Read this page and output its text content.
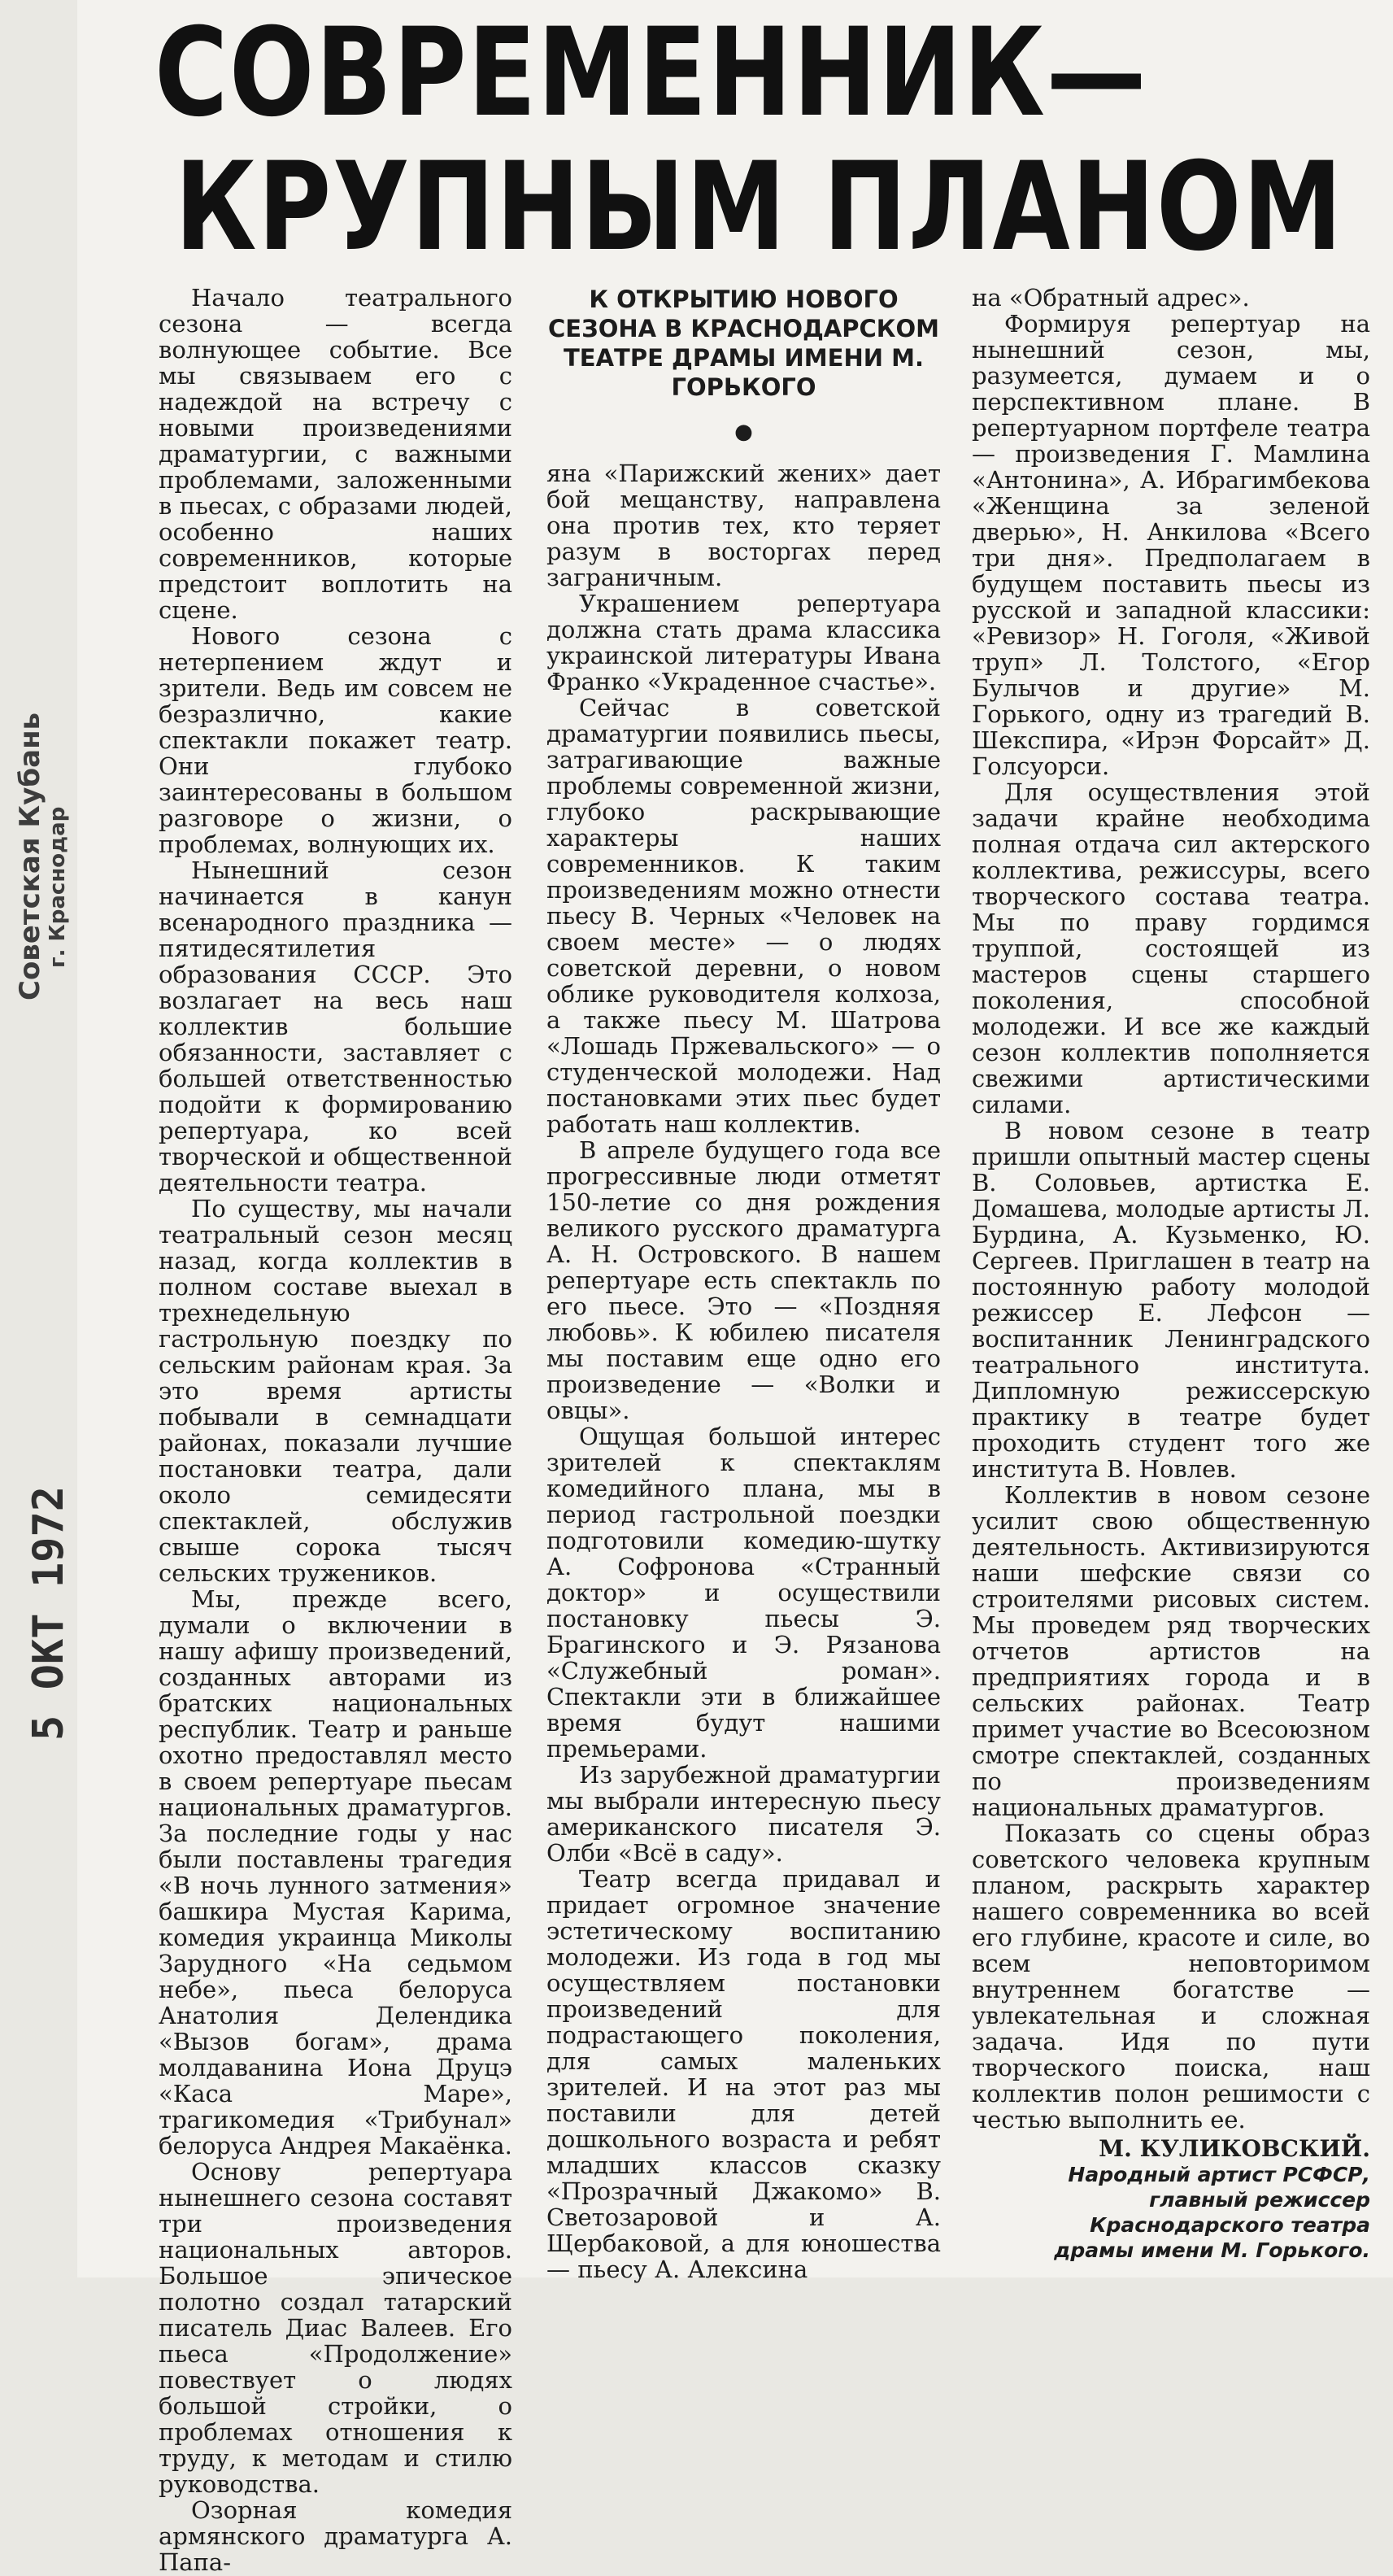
СОВРЕМЕННИК—
КРУПНЫМ ПЛАНОМ

Начало театрального сезона — всегда волнующее событие. Все мы связываем его с надеждой на встречу с новыми произведениями драматургии, с важными проблемами, заложенными в пьесах, с образами людей, особенно наших современников, которые предстоит воплотить на сцене.

Нового сезона с нетерпением ждут и зрители. Ведь им совсем не безразлично, какие спектакли покажет театр. Они глубоко заинтересованы в большом разговоре о жизни, о проблемах, волнующих их.

Нынешний сезон начинается в канун всенародного праздника — пятидесятилетия образования СССР. Это возлагает на весь наш коллектив большие обязанности, заставляет с большей ответственностью подойти к формированию репертуара, ко всей творческой и общественной деятельности театра.

По существу, мы начали театральный сезон месяц назад, когда коллектив в полном составе выехал в трехнедельную гастрольную поездку по сельским районам края. За это время артисты побывали в семнадцати районах, показали лучшие постановки театра, дали около семидесяти спектаклей, обслужив свыше сорока тысяч сельских тружеников.

Мы, прежде всего, думали о включении в нашу афишу произведений, созданных авторами из братских национальных республик. Театр и раньше охотно предоставлял место в своем репертуаре пьесам национальных драматургов. За последние годы у нас были поставлены трагедия «В ночь лунного затмения» башкира Мустая Карима, комедия украинца Миколы Зарудного «На седьмом небе», пьеса белоруса Анатолия Делендика «Вызов богам», драма молдаванина Иона Друцэ «Каса Маре», трагикомедия «Трибунал» белоруса Андрея Макаёнка.

Основу репертуара нынешнего сезона составят три произведения национальных авторов. Большое эпическое полотно создал татарский писатель Диас Валеев. Его пьеса «Продолжение» повествует о людях большой стройки, о проблемах отношения к труду, к методам и стилю руководства.

Озорная комедия армянского драматурга А. Папа-

К ОТКРЫТИЮ НОВОГО СЕЗОНА В КРАСНОДАРСКОМ ТЕАТРЕ ДРАМЫ ИМЕНИ М. ГОРЬКОГО
●

яна «Парижский жених» дает бой мещанству, направлена она против тех, кто теряет разум в восторгах перед заграничным.

Украшением репертуара должна стать драма классика украинской литературы Ивана Франко «Украденное счастье».

Сейчас в советской драматургии появились пьесы, затрагивающие важные проблемы современной жизни, глубоко раскрывающие характеры наших современников. К таким произведениям можно отнести пьесу В. Черных «Человек на своем месте» — о людях советской деревни, о новом облике руководителя колхоза, а также пьесу М. Шатрова «Лошадь Пржевальского» — о студенческой молодежи. Над постановками этих пьес будет работать наш коллектив.

В апреле будущего года все прогрессивные люди отметят 150-летие со дня рождения великого русского драматурга А. Н. Островского. В нашем репертуаре есть спектакль по его пьесе. Это — «Поздняя любовь». К юбилею писателя мы поставим еще одно его произведение — «Волки и овцы».

Ощущая большой интерес зрителей к спектаклям комедийного плана, мы в период гастрольной поездки подготовили комедию-шутку А. Софронова «Странный доктор» и осуществили постановку пьесы Э. Брагинского и Э. Рязанова «Служебный роман». Спектакли эти в ближайшее время будут нашими премьерами.

Из зарубежной драматургии мы выбрали интересную пьесу американского писателя Э. Олби «Всё в саду».

Театр всегда придавал и придает огромное значение эстетическому воспитанию молодежи. Из года в год мы осуществляем постановки произведений для подрастающего поколения, для самых маленьких зрителей. И на этот раз мы поставили для детей дошкольного возраста и ребят младших классов сказку «Прозрачный Джакомо» В. Светозаровой и А. Щербаковой, а для юношества — пьесу А. Алексина

на «Обратный адрес».

Формируя репертуар на нынешний сезон, мы, разумеется, думаем и о перспективном плане. В репертуарном портфеле театра — произведения Г. Мамлина «Антонина», А. Ибрагимбекова «Женщина за зеленой дверью», Н. Анкилова «Всего три дня». Предполагаем в будущем поставить пьесы из русской и западной классики: «Ревизор» Н. Гоголя, «Живой труп» Л. Толстого, «Егор Булычов и другие» М. Горького, одну из трагедий В. Шекспира, «Ирэн Форсайт» Д. Голсуорси.

Для осуществления этой задачи крайне необходима полная отдача сил актерского коллектива, режиссуры, всего творческого состава театра. Мы по праву гордимся труппой, состоящей из мастеров сцены старшего поколения, способной молодежи. И все же каждый сезон коллектив пополняется свежими артистическими силами.

В новом сезоне в театр пришли опытный мастер сцены В. Соловьев, артистка Е. Домашева, молодые артисты Л. Бурдина, А. Кузьменко, Ю. Сергеев. Приглашен в театр на постоянную работу молодой режиссер Е. Лефсон — воспитанник Ленинградского театрального института. Дипломную режиссерскую практику в театре будет проходить студент того же института В. Новлев.

Коллектив в новом сезоне усилит свою общественную деятельность. Активизируются наши шефские связи со строителями рисовых систем. Мы проведем ряд творческих отчетов артистов на предприятиях города и в сельских районах. Театр примет участие во Всесоюзном смотре спектаклей, созданных по произведениям национальных драматургов.

Показать со сцены образ советского человека крупным планом, раскрыть характер нашего современника во всей его глубине, красоте и силе, во всем неповторимом внутреннем богатстве — увлекательная и сложная задача. Идя по пути творческого поиска, наш коллектив полон решимости с честью выполнить ее.

М. КУЛИКОВСКИЙ.
Народный артист РСФСР, главный режиссер Краснодарского театра драмы имени М. Горького.
Советская Кубань г. Краснодар
5 ОКТ 1972
